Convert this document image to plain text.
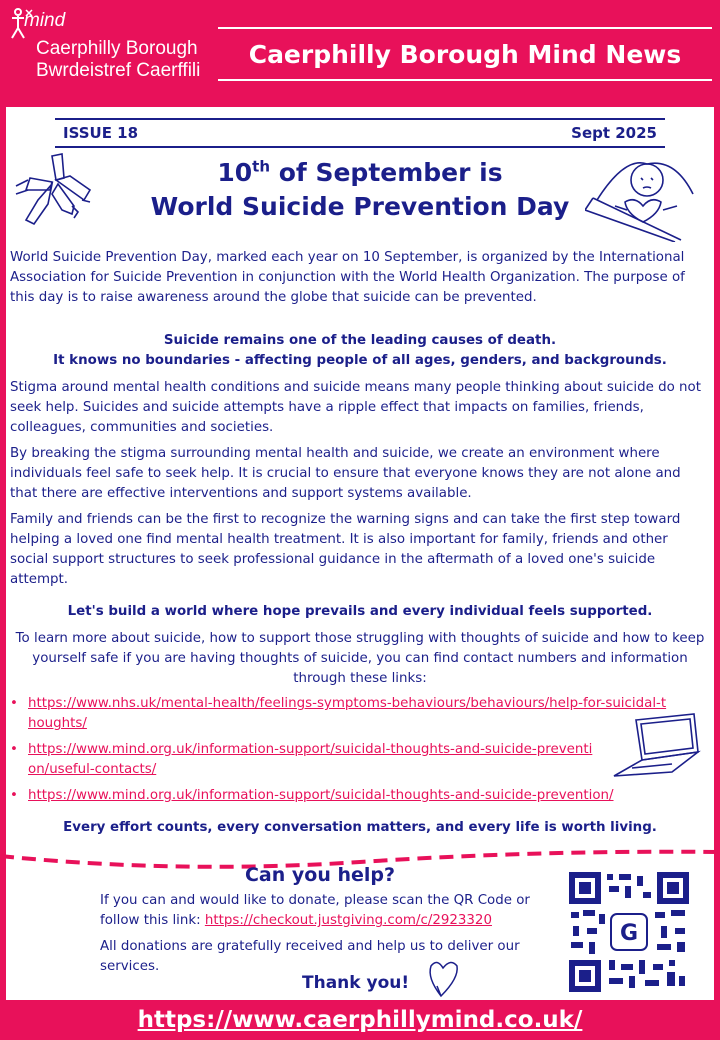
mind
Caerphilly Borough
Bwrdeistref Caerffili
Caerphilly Borough Mind News
ISSUE 18	Sept 2025
10th of September is
World Suicide Prevention Day
World Suicide Prevention Day, marked each year on 10 September, is organized by the International Association for Suicide Prevention in conjunction with the World Health Organization. The purpose of this day is to raise awareness around the globe that suicide can be prevented.
Suicide remains one of the leading causes of death.
It knows no boundaries - affecting people of all ages, genders, and backgrounds.
Stigma around mental health conditions and suicide means many people thinking about suicide do not seek help. Suicides and suicide attempts have a ripple effect that impacts on families, friends, colleagues, communities and societies.
By breaking the stigma surrounding mental health and suicide, we create an environment where individuals feel safe to seek help. It is crucial to ensure that everyone knows they are not alone and that there are effective interventions and support systems available.
Family and friends can be the first to recognize the warning signs and can take the first step toward helping a loved one find mental health treatment. It is also important for family, friends and other social support structures to seek professional guidance in the aftermath of a loved one's suicide attempt.
Let's build a world where hope prevails and every individual feels supported.
To learn more about suicide, how to support those struggling with thoughts of suicide and how to keep yourself safe if you are having thoughts of suicide, you can find contact numbers and information through these links:
• https://www.nhs.uk/mental-health/feelings-symptoms-behaviours/behaviours/help-for-suicidal-thoughts/
• https://www.mind.org.uk/information-support/suicidal-thoughts-and-suicide-prevention/useful-contacts/
• https://www.mind.org.uk/information-support/suicidal-thoughts-and-suicide-prevention/
Every effort counts, every conversation matters, and every life is worth living.
Can you help?
If you can and would like to donate, please scan the QR Code or follow this link: https://checkout.justgiving.com/c/2923320
All donations are gratefully received and help us to deliver our services.
Thank you!
G
https://www.caerphillymind.co.uk/
